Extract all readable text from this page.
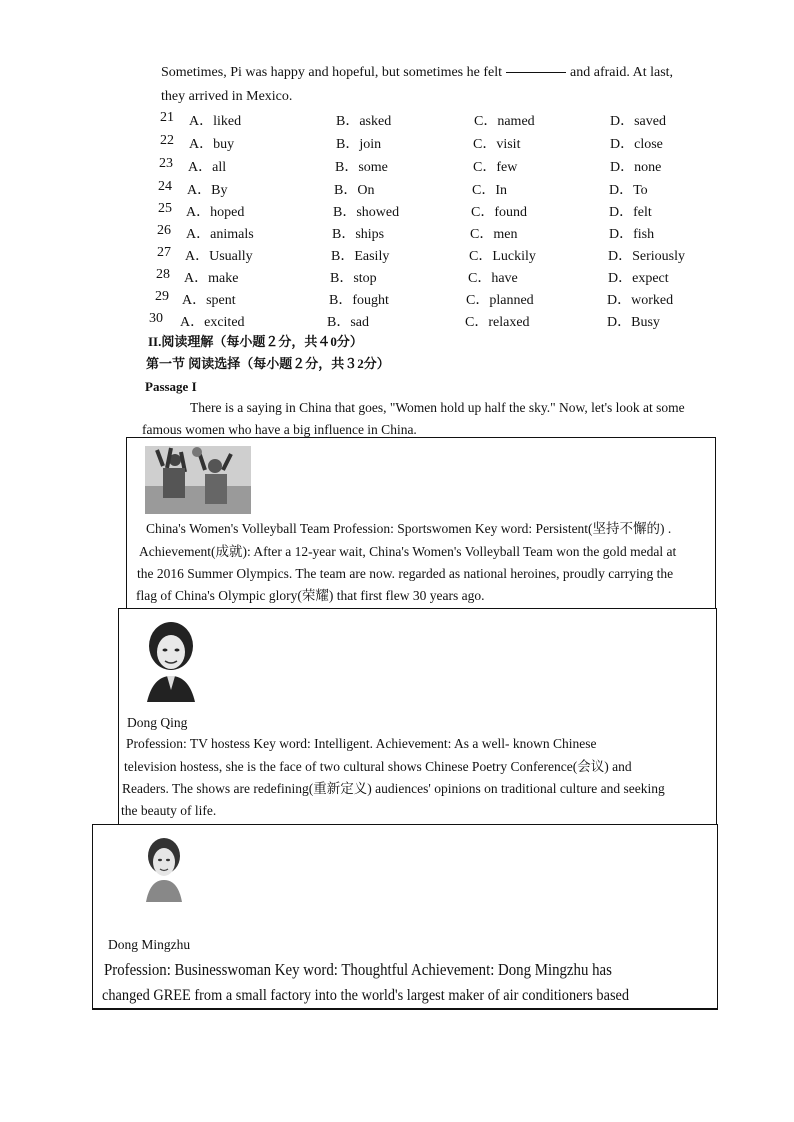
Sometimes, Pi was happy and hopeful, but sometimes he felt	and afraid. At last,
they arrived in Mexico.
21 A．liked	B．asked	C．named	D．saved
22 A．buy	B．join	C．visit	D．close
23 A．all	B．some	C．few	D．none
24 A．By	B．On	C．In	D．To
25 A．hoped	B．showed	C．found	D．felt
26 A．animals	B．ships	C．men	D．fish
27 A．Usually	B．Easily	C．Luckily	D．Seriously
28 A．make	B．stop	C．have	D．expect
29 A．spent	B．fought	C．planned	D．worked
30 A．excited	B．sad	C．relaxed	D．Busy
II.阅读理解（每小题２分，共４0分）
第一节 阅读选择（每小题２分，共３2分）
Passage I
There is a saying in China that goes, "Women hold up half the sky." Now, let's look at some
famous women who have a big influence in China.
China's Women's Volleyball Team Profession: Sportswomen Key word: Persistent(坚持不懈的) .
Achievement(成就): After a 12-year wait, China's Women's Volleyball Team won the gold medal at
the 2016 Summer Olympics. The team are now. regarded as national heroines, proudly carrying the
flag of China's Olympic glory(荣耀) that first flew 30 years ago.
Dong Qing
Profession: TV hostess Key word: Intelligent. Achievement: As a well- known Chinese
television hostess, she is the face of two cultural shows Chinese Poetry Conference(会议) and
Readers. The shows are redefining(重新定义) audiences' opinions on traditional culture and seeking
the beauty of life.
Dong Mingzhu
Profession: Businesswoman Key word: Thoughtful Achievement: Dong Mingzhu has
changed GREE from a small factory into the world's largest maker of air conditioners based
